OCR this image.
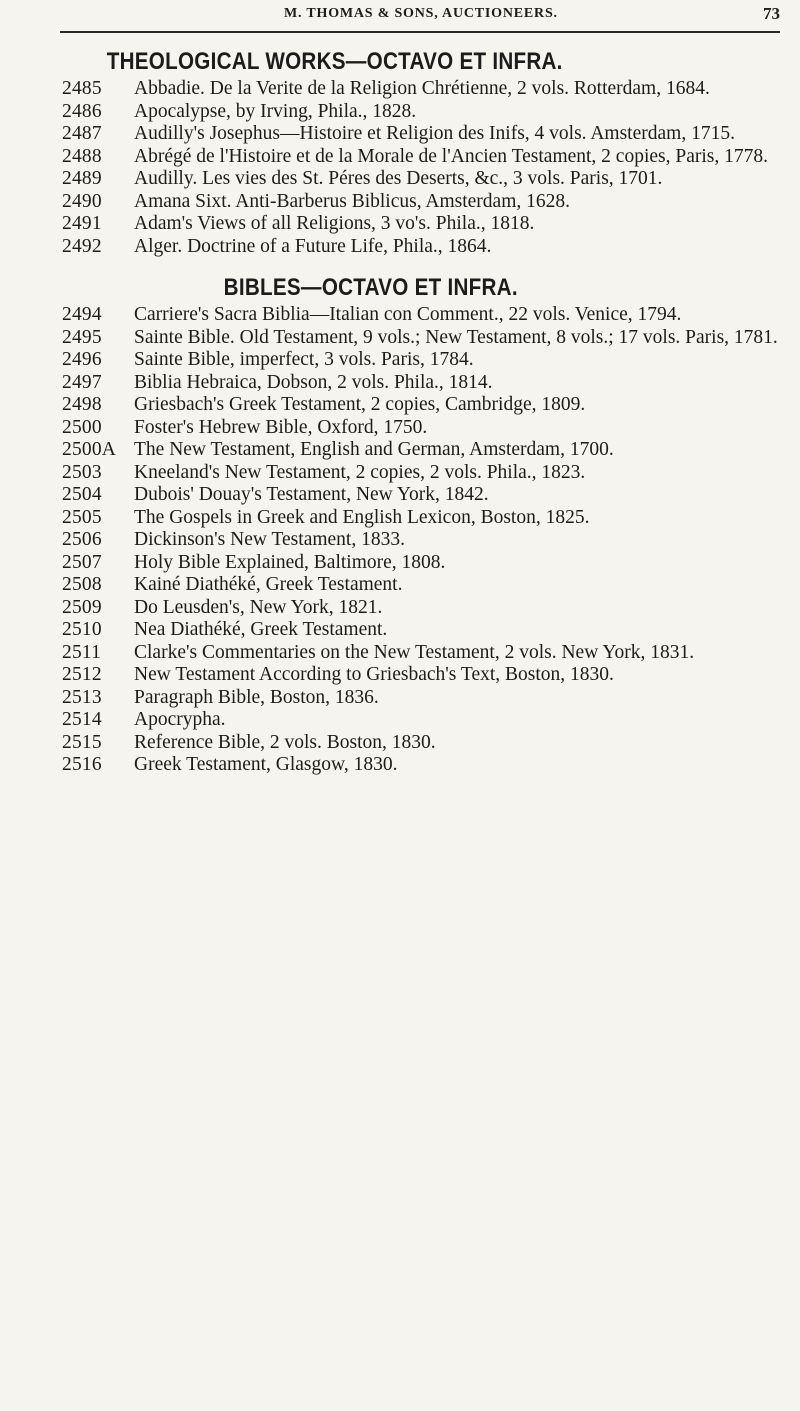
M. THOMAS & SONS, AUCTIONEERS.	73
THEOLOGICAL WORKS—OCTAVO ET INFRA.
2485	Abbadie. De la Verite de la Religion Chrétienne, 2 vols. Rotterdam, 1684.
2486	Apocalypse, by Irving, Phila., 1828.
2487	Audilly's Josephus—Histoire et Religion des Inifs, 4 vols. Amsterdam, 1715.
2488	Abrégé de l'Histoire et de la Morale de l'Ancien Testament, 2 copies, Paris, 1778.
2489	Audilly. Les vies des St. Péres des Deserts, &c., 3 vols. Paris, 1701.
2490	Amana Sixt. Anti-Barberus Biblicus, Amsterdam, 1628.
2491	Adam's Views of all Religions, 3 vo's. Phila., 1818.
2492	Alger. Doctrine of a Future Life, Phila., 1864.
BIBLES—OCTAVO ET INFRA.
2494	Carriere's Sacra Biblia—Italian con Comment., 22 vols. Venice, 1794.
2495	Sainte Bible. Old Testament, 9 vols.; New Testament, 8 vols.; 17 vols. Paris, 1781.
2496	Sainte Bible, imperfect, 3 vols. Paris, 1784.
2497	Biblia Hebraica, Dobson, 2 vols. Phila., 1814.
2498	Griesbach's Greek Testament, 2 copies, Cambridge, 1809.
2500	Foster's Hebrew Bible, Oxford, 1750.
2500A The New Testament, English and German, Amsterdam, 1700.
2503	Kneeland's New Testament, 2 copies, 2 vols. Phila., 1823.
2504	Dubois' Douay's Testament, New York, 1842.
2505	The Gospels in Greek and English Lexicon, Boston, 1825.
2506	Dickinson's New Testament, 1833.
2507	Holy Bible Explained, Baltimore, 1808.
2508	Kainé Diathéké, Greek Testament.
2509	Do Leusden's, New York, 1821.
2510	Nea Diathéké, Greek Testament.
2511	Clarke's Commentaries on the New Testament, 2 vols. New York, 1831.
2512	New Testament According to Griesbach's Text, Boston, 1830.
2513	Paragraph Bible, Boston, 1836.
2514	Apocrypha.
2515	Reference Bible, 2 vols. Boston, 1830.
2516	Greek Testament, Glasgow, 1830.
